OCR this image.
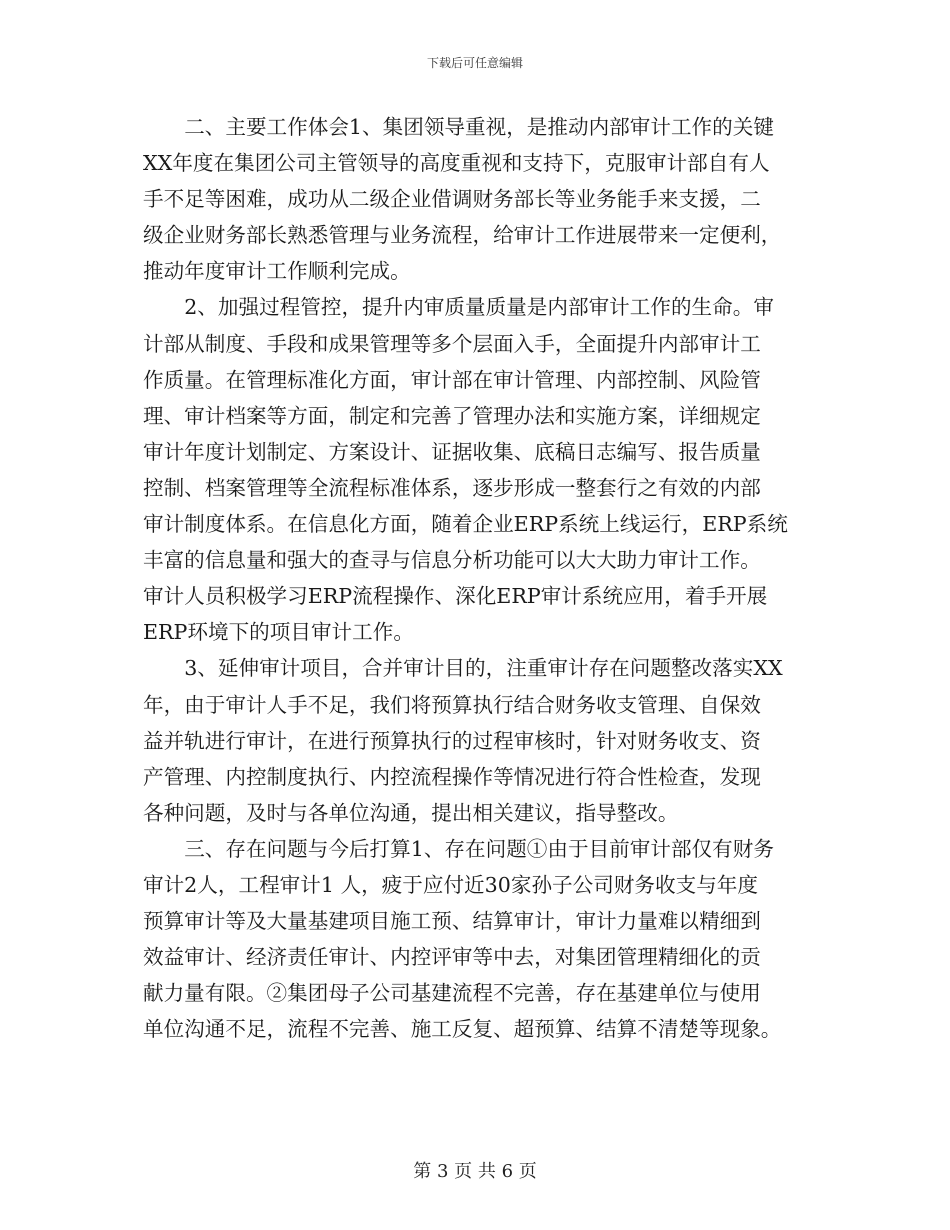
下载后可任意编辑

二、主要工作体会1、集团领导重视，是推动内部审计工作的关键
XX年度在集团公司主管领导的高度重视和支持下，克服审计部自有人
手不足等困难，成功从二级企业借调财务部长等业务能手来支援，二
级企业财务部长熟悉管理与业务流程，给审计工作进展带来一定便利，
推动年度审计工作顺利完成。

2、加强过程管控，提升内审质量质量是内部审计工作的生命。审
计部从制度、手段和成果管理等多个层面入手，全面提升内部审计工
作质量。在管理标准化方面，审计部在审计管理、内部控制、风险管
理、审计档案等方面，制定和完善了管理办法和实施方案，详细规定
审计年度计划制定、方案设计、证据收集、底稿日志编写、报告质量
控制、档案管理等全流程标准体系，逐步形成一整套行之有效的内部
审计制度体系。在信息化方面，随着企业ERP系统上线运行，ERP系统
丰富的信息量和强大的查寻与信息分析功能可以大大助力审计工作。
审计人员积极学习ERP流程操作、深化ERP审计系统应用，着手开展
ERP环境下的项目审计工作。

3、延伸审计项目，合并审计目的，注重审计存在问题整改落实XX
年，由于审计人手不足，我们将预算执行结合财务收支管理、自保效
益并轨进行审计，在进行预算执行的过程审核时，针对财务收支、资
产管理、内控制度执行、内控流程操作等情况进行符合性检查，发现
各种问题，及时与各单位沟通，提出相关建议，指导整改。

三、存在问题与今后打算1、存在问题①由于目前审计部仅有财务
审计2人，工程审计1 人，疲于应付近30家孙子公司财务收支与年度
预算审计等及大量基建项目施工预、结算审计，审计力量难以精细到
效益审计、经济责任审计、内控评审等中去，对集团管理精细化的贡
献力量有限。②集团母子公司基建流程不完善，存在基建单位与使用
单位沟通不足，流程不完善、施工反复、超预算、结算不清楚等现象。

第 3 页 共 6 页
